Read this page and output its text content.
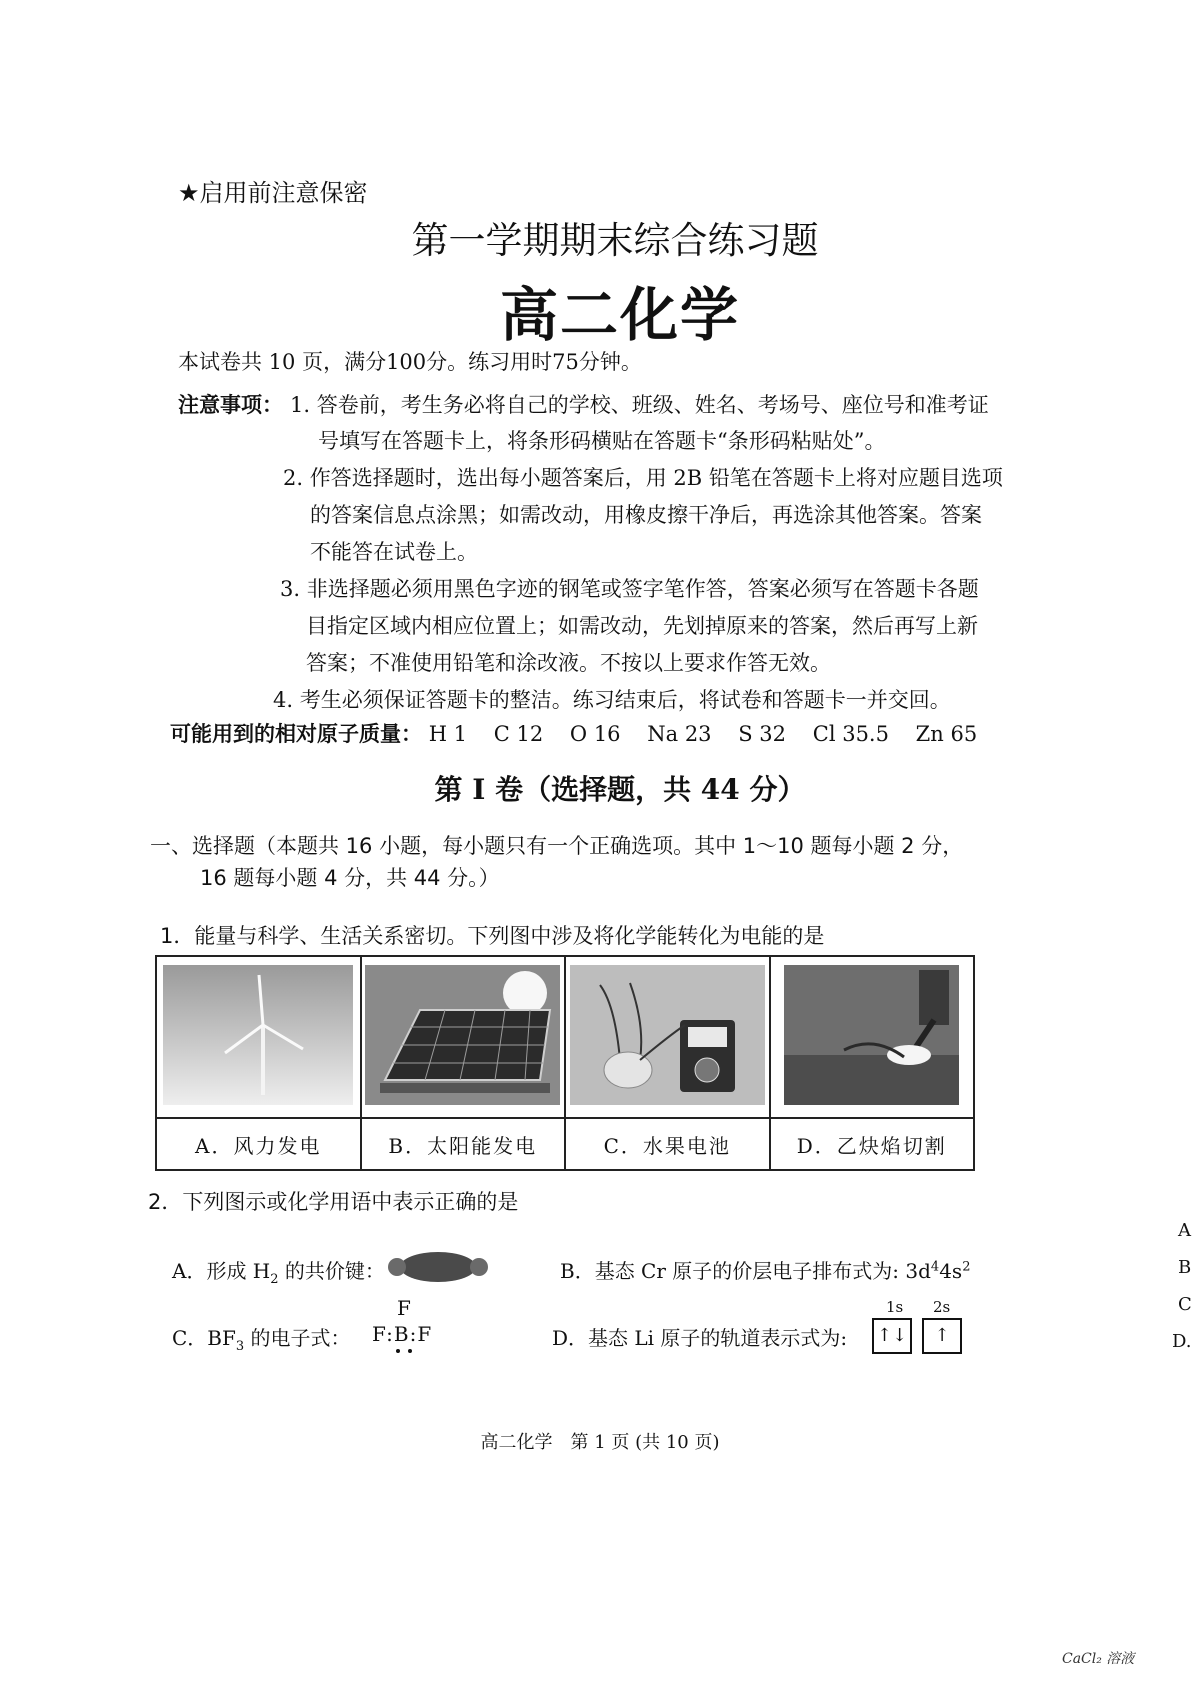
★启用前注意保密
第一学期期末综合练习题
高二化学
本试卷共 10 页，满分100分。练习用时75分钟。
注意事项： 1. 答卷前，考生务必将自己的学校、班级、姓名、考场号、座位号和准考证
号填写在答题卡上，将条形码横贴在答题卡“条形码粘贴处”。
2. 作答选择题时，选出每小题答案后，用 2B 铅笔在答题卡上将对应题目选项
的答案信息点涂黑；如需改动，用橡皮擦干净后，再选涂其他答案。答案
不能答在试卷上。
3. 非选择题必须用黑色字迹的钢笔或签字笔作答，答案必须写在答题卡各题
目指定区域内相应位置上；如需改动，先划掉原来的答案，然后再写上新
答案；不准使用铅笔和涂改液。不按以上要求作答无效。
4. 考生必须保证答题卡的整洁。练习结束后，将试卷和答题卡一并交回。
可能用到的相对原子质量： H 1 C 12 O 16 Na 23 S 32 Cl 35.5 Zn 65
第 I 卷（选择题，共 44 分）
一、选择题（本题共 16 小题，每小题只有一个正确选项。其中 1～10 题每小题 2 分，
16 题每小题 4 分，共 44 分。）
1．能量与科学、生活关系密切。下列图中涉及将化学能转化为电能的是

A．风力发电	B．太阳能发电	C．水果电池	D．乙炔焰切割
2．下列图示或化学用语中表示正确的是
A．形成 $H_2$ 的共价键：	B．基态 Cr 原子的价层电子排布式为: $3d^44s^2$
C．$BF_3$ 的电子式：
F
F:B:F	D．基态 Li 原子的轨道表示式为:
1s 2s
↑↓	↑
高二化学　第 1 页 (共 10 页)
A
B
C
D.
CaCl₂ 溶液
